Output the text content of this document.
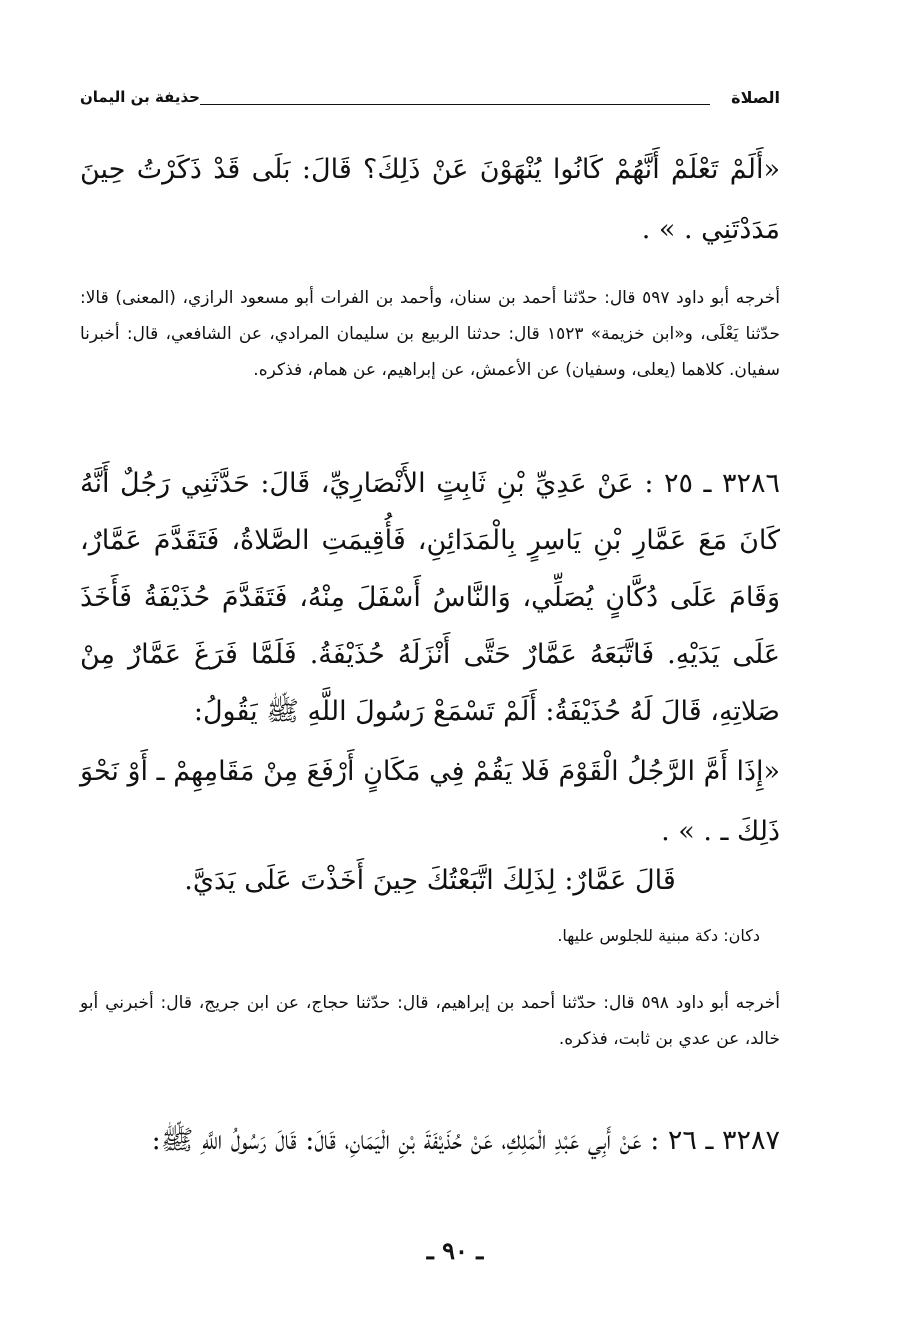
الصلاة
حذيفة بن اليمان
«أَلَمْ تَعْلَمْ أَنَّهُمْ كَانُوا يُنْهَوْنَ عَنْ ذَلِكَ؟ قَالَ: بَلَى قَدْ ذَكَرْتُ حِينَ مَدَدْتَنِي . » .
أخرجه أبو داود ٥٩٧ قال: حدّثنا أحمد بن سنان، وأحمد بن الفرات أبو مسعود الرازي، (المعنى) قالا: حدّثنا يَعْلَى، و«ابن خزيمة» ١٥٢٣ قال: حدثنا الربيع بن سليمان المرادي، عن الشافعي، قال: أخبرنا سفيان. كلاهما (يعلى، وسفيان) عن الأعمش، عن إبراهيم، عن همام، فذكره.
٣٢٨٦ ـ ٢٥ : عَنْ عَدِيِّ بْنِ ثَابِتٍ الأَنْصَارِيِّ، قَالَ: حَدَّثَنِي رَجُلٌ أَنَّهُ كَانَ مَعَ عَمَّارِ بْنِ يَاسِرٍ بِالْمَدَائِنِ، فَأُقِيمَتِ الصَّلاةُ، فَتَقَدَّمَ عَمَّارٌ، وَقَامَ عَلَى دُكَّانٍ يُصَلِّي، وَالنَّاسُ أَسْفَلَ مِنْهُ، فَتَقَدَّمَ حُذَيْفَةُ فَأَخَذَ عَلَى يَدَيْهِ. فَاتَّبَعَهُ عَمَّارٌ حَتَّى أَنْزَلَهُ حُذَيْفَةُ. فَلَمَّا فَرَغَ عَمَّارٌ مِنْ صَلاتِهِ، قَالَ لَهُ حُذَيْفَةُ: أَلَمْ تَسْمَعْ رَسُولَ اللَّهِ ﷺ يَقُولُ:
«إِذَا أَمَّ الرَّجُلُ الْقَوْمَ فَلا يَقُمْ فِي مَكَانٍ أَرْفَعَ مِنْ مَقَامِهِمْ ـ أَوْ نَحْوَ ذَلِكَ ـ . » .
قَالَ عَمَّارٌ: لِذَلِكَ اتَّبَعْتُكَ حِينَ أَخَذْتَ عَلَى يَدَيَّ.
دكان: دكة مبنية للجلوس عليها.
أخرجه أبو داود ٥٩٨ قال: حدّثنا أحمد بن إبراهيم، قال: حدّثنا حجاج، عن ابن جريج، قال: أخبرني أبو خالد، عن عدي بن ثابت، فذكره.
٣٢٨٧ ـ ٢٦ : عَنْ أَبِي عَبْدِ الْمَلِكِ، عَنْ حُذَيْفَةَ بْنِ الْيَمَانِ، قَالَ: قَالَ رَسُولُ اللَّهِ ﷺ:
ـ ٩٠ ـ
